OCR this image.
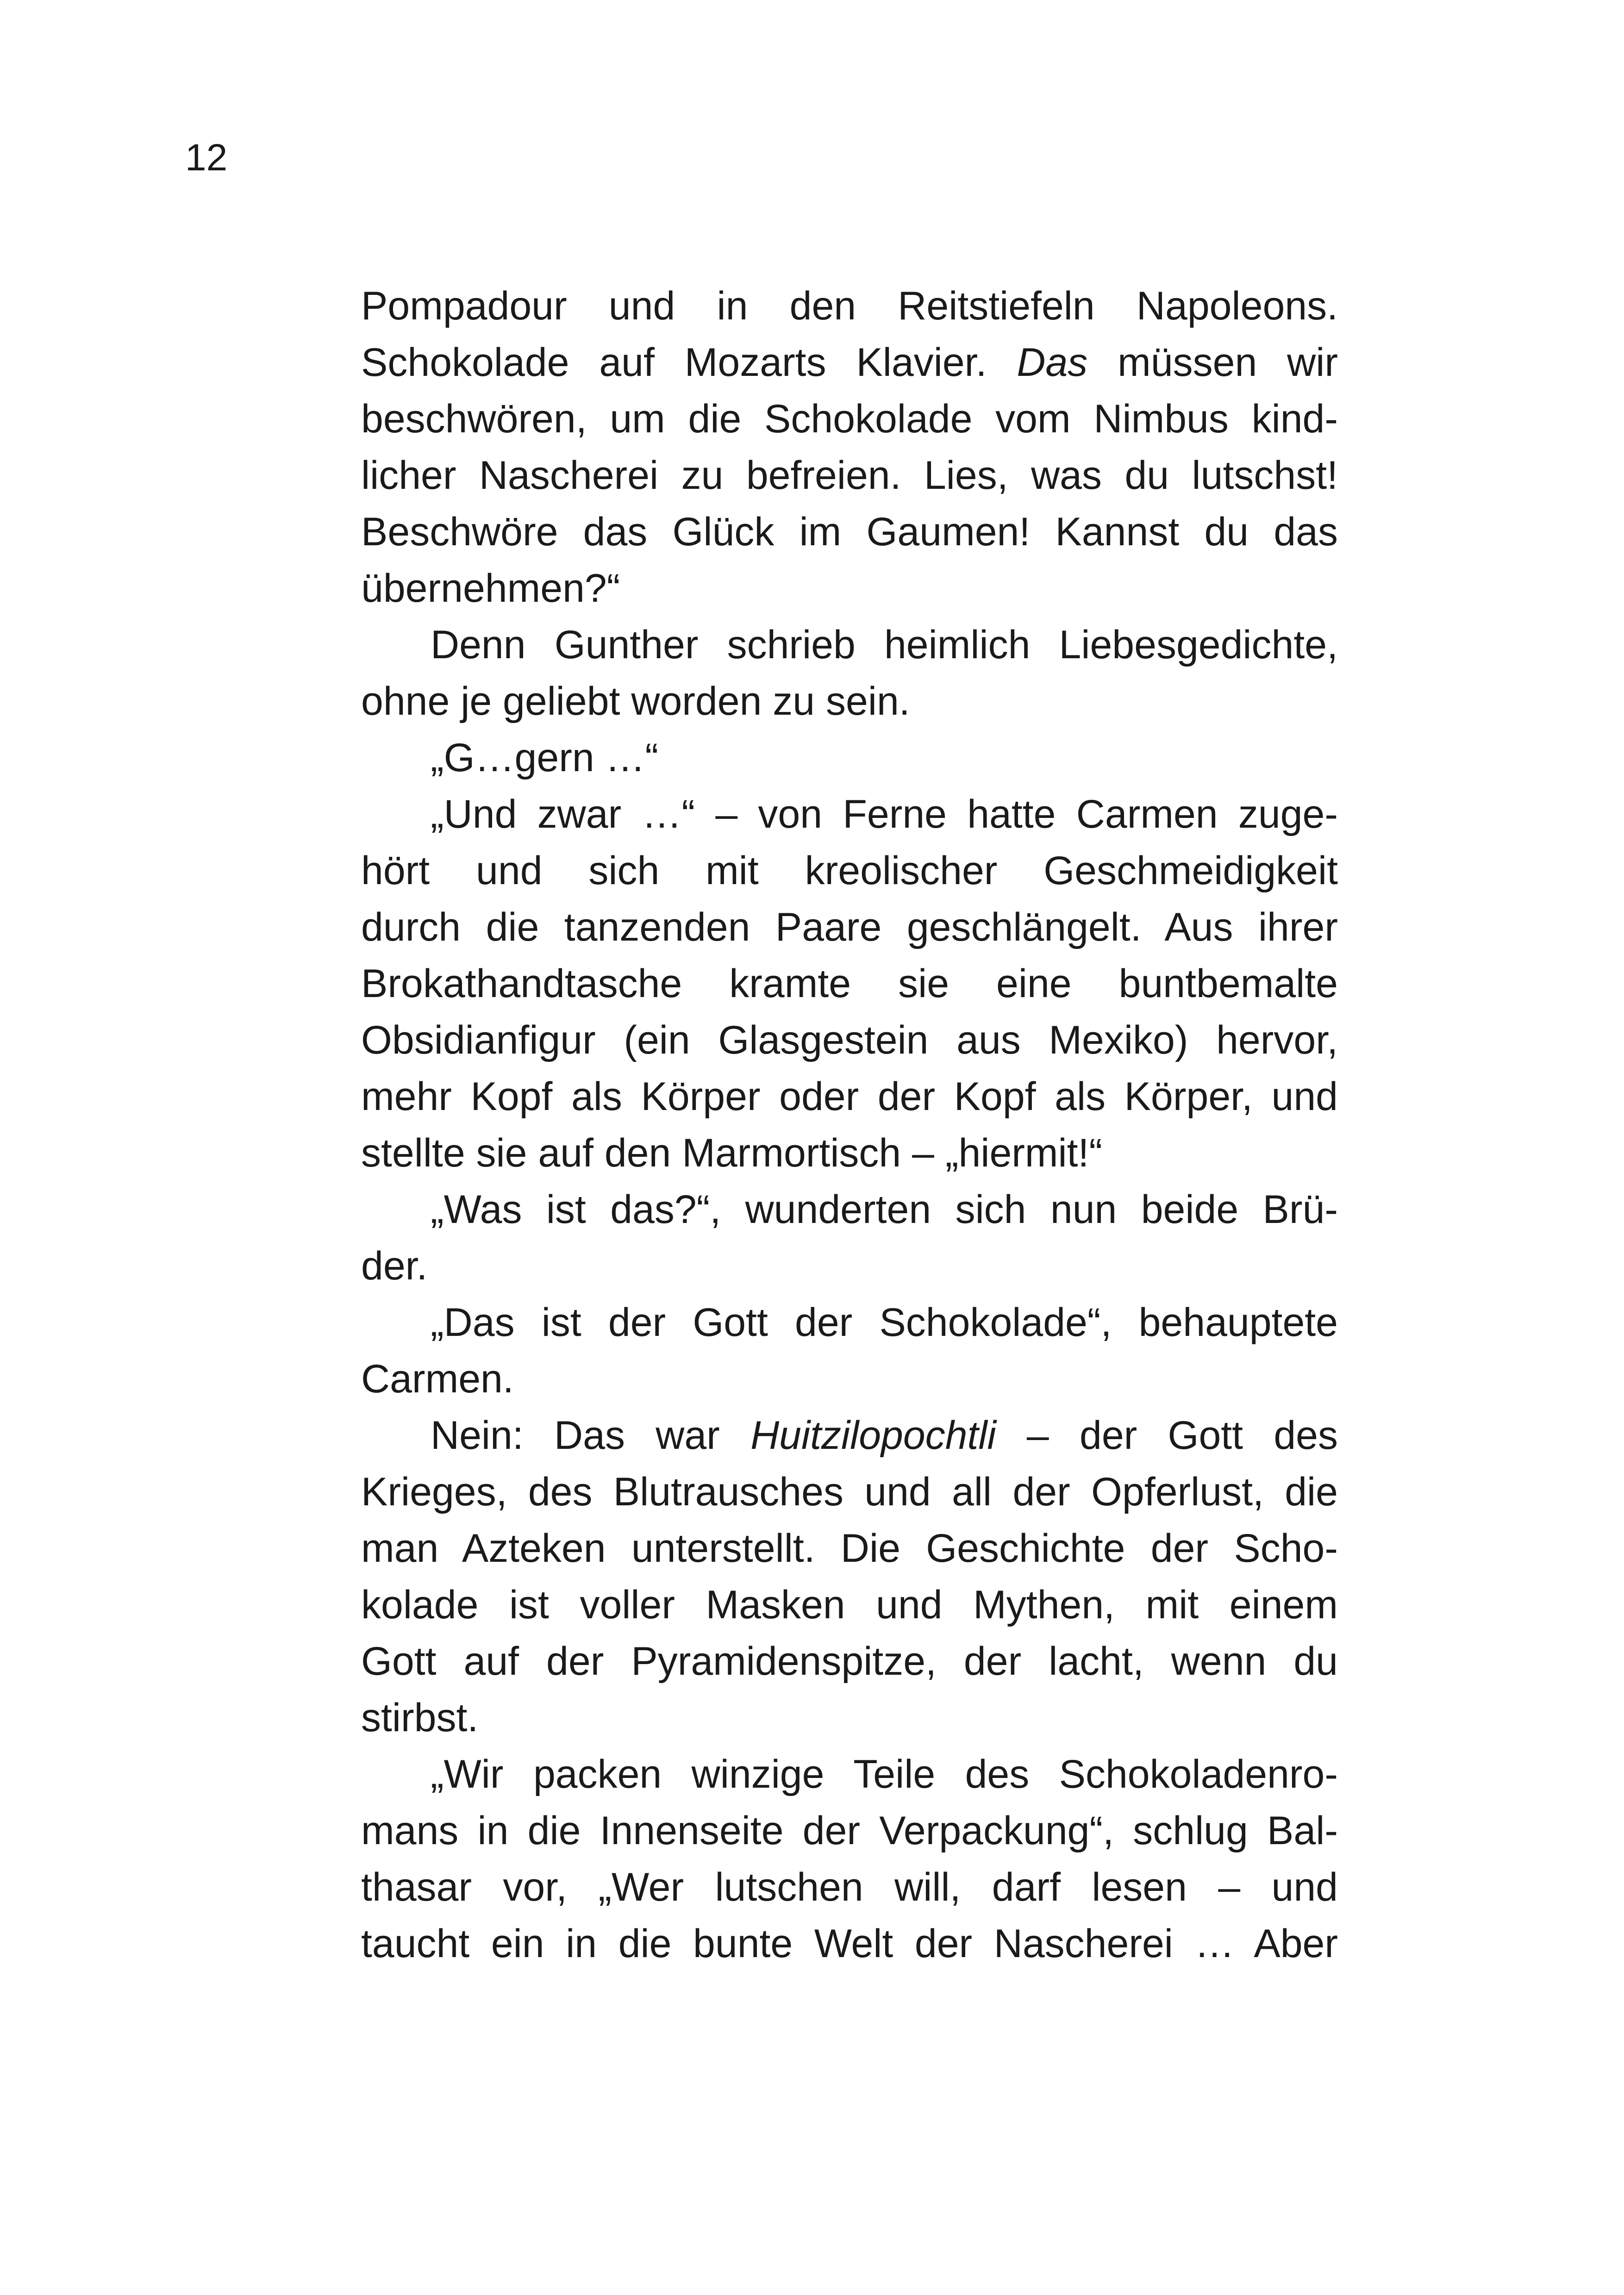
12
Pompadour und in den Reitstiefeln Napoleons.
Schokolade auf Mozarts Klavier. Das müssen wir
beschwören, um die Schokolade vom Nimbus kind-
licher Nascherei zu befreien. Lies, was du lutschst!
Beschwöre das Glück im Gaumen! Kannst du das
übernehmen?“
Denn Gunther schrieb heimlich Liebesgedichte,
ohne je geliebt worden zu sein.
„G…gern …“
„Und zwar …“ – von Ferne hatte Carmen zuge-
hört und sich mit kreolischer Geschmeidigkeit
durch die tanzenden Paare geschlängelt. Aus ihrer
Brokathandtasche kramte sie eine buntbemalte
Obsidianfigur (ein Glasgestein aus Mexiko) hervor,
mehr Kopf als Körper oder der Kopf als Körper, und
stellte sie auf den Marmortisch – „hiermit!“
„Was ist das?“, wunderten sich nun beide Brü-
der.
„Das ist der Gott der Schokolade“, behauptete
Carmen.
Nein: Das war Huitzilopochtli – der Gott des
Krieges, des Blutrausches und all der Opferlust, die
man Azteken unterstellt. Die Geschichte der Scho-
kolade ist voller Masken und Mythen, mit einem
Gott auf der Pyramidenspitze, der lacht, wenn du
stirbst.
„Wir packen winzige Teile des Schokoladenro-
mans in die Innenseite der Verpackung“, schlug Bal-
thasar vor, „Wer lutschen will, darf lesen – und
taucht ein in die bunte Welt der Nascherei … Aber
